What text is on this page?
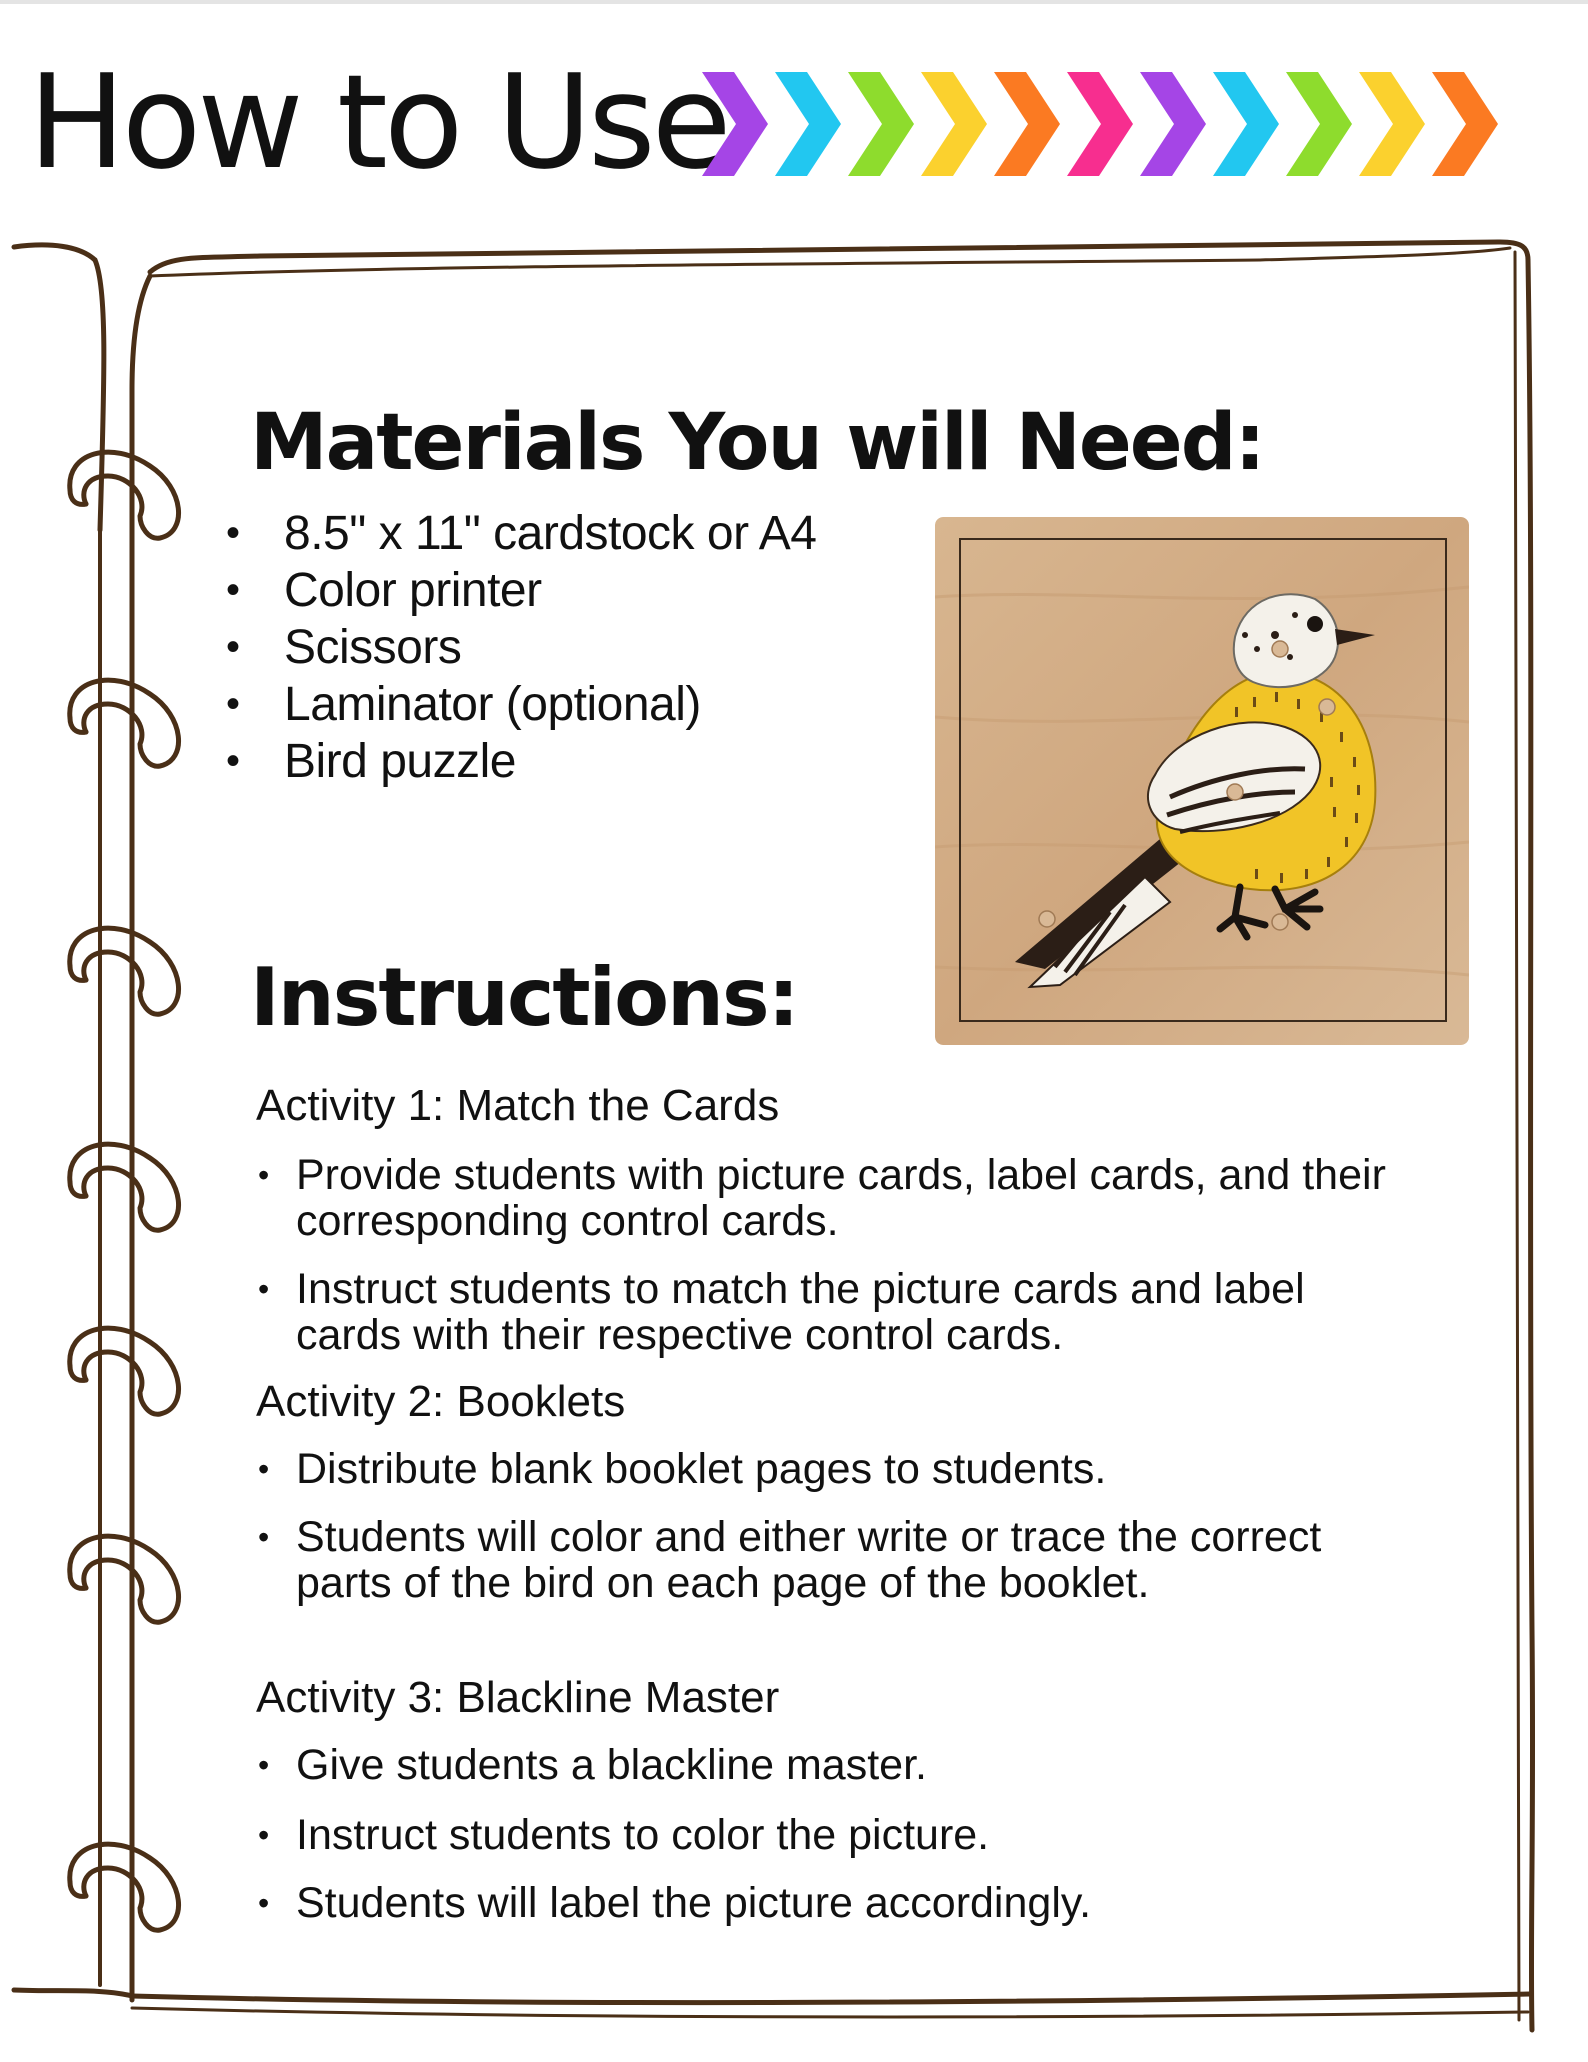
How to Use
Materials You will Need:
• 8.5" x 11" cardstock or A4
• Color printer
• Scissors
• Laminator (optional)
• Bird puzzle
Instructions:
Activity 1: Match the Cards
• Provide students with picture cards, label cards, and their corresponding control cards.
• Instruct students to match the picture cards and label cards with their respective control cards.
Activity 2: Booklets
• Distribute blank booklet pages to students.
• Students will color and either write or trace the correct parts of the bird on each page of the booklet.
Activity 3: Blackline Master
• Give students a blackline master.
• Instruct students to color the picture.
• Students will label the picture accordingly.
